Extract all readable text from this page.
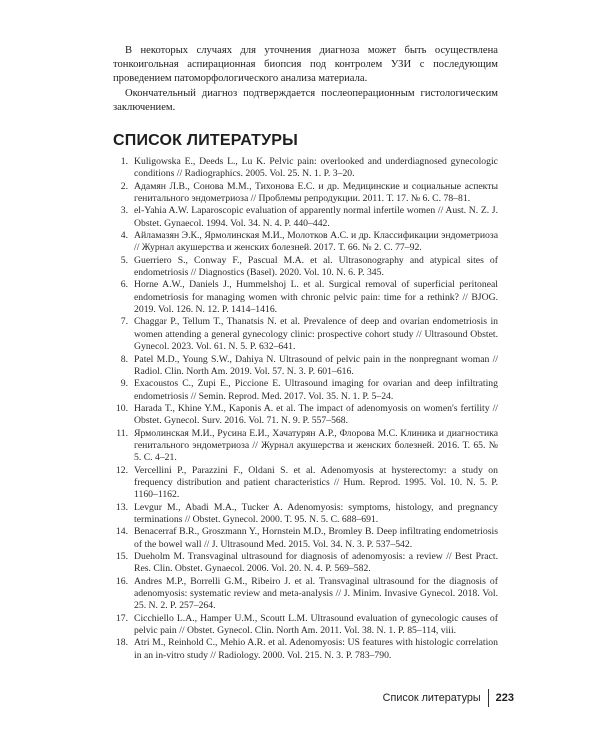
В некоторых случаях для уточнения диагноза может быть осуществлена тонкоигольная аспирационная биопсия под контролем УЗИ с последующим проведением патоморфологического анализа материала.

Окончательный диагноз подтверждается послеоперационным гистологическим заключением.

СПИСОК ЛИТЕРАТУРЫ
1. Kuligowska E., Deeds L., Lu K. Pelvic pain: overlooked and underdiagnosed gynecologic conditions // Radiographics. 2005. Vol. 25. N. 1. P. 3–20.
2. Адамян Л.В., Сонова М.М., Тихонова Е.С. и др. Медицинские и социальные аспекты генитального эндометриоза // Проблемы репродукции. 2011. Т. 17. № 6. С. 78–81.
3. el-Yahia A.W. Laparoscopic evaluation of apparently normal infertile women // Aust. N. Z. J. Obstet. Gynaecol. 1994. Vol. 34. N. 4. P. 440–442.
4. Айламазян Э.К., Ярмолинская М.И., Молотков А.С. и др. Классификации эндометриоза // Журнал акушерства и женских болезней. 2017. Т. 66. № 2. С. 77–92.
5. Guerriero S., Conway F., Pascual M.A. et al. Ultrasonography and atypical sites of endometriosis // Diagnostics (Basel). 2020. Vol. 10. N. 6. P. 345.
6. Horne A.W., Daniels J., Hummelshoj L. et al. Surgical removal of superficial peritoneal endometriosis for managing women with chronic pelvic pain: time for a rethink? // BJOG. 2019. Vol. 126. N. 12. P. 1414–1416.
7. Chaggar P., Tellum T., Thanatsis N. et al. Prevalence of deep and ovarian endometriosis in women attending a general gynecology clinic: prospective cohort study // Ultrasound Obstet. Gynecol. 2023. Vol. 61. N. 5. P. 632–641.
8. Patel M.D., Young S.W., Dahiya N. Ultrasound of pelvic pain in the nonpregnant woman // Radiol. Clin. North Am. 2019. Vol. 57. N. 3. P. 601–616.
9. Exacoustos C., Zupi E., Piccione E. Ultrasound imaging for ovarian and deep infiltrating endometriosis // Semin. Reprod. Med. 2017. Vol. 35. N. 1. P. 5–24.
10. Harada T., Khine Y.M., Kaponis A. et al. The impact of adenomyosis on women's fertility // Obstet. Gynecol. Surv. 2016. Vol. 71. N. 9. P. 557–568.
11. Ярмолинская М.И., Русина Е.И., Хачатурян А.Р., Флорова М.С. Клиника и диагностика генитального эндометриоза // Журнал акушерства и женских болезней. 2016. Т. 65. № 5. С. 4–21.
12. Vercellini P., Parazzini F., Oldani S. et al. Adenomyosis at hysterectomy: a study on frequency distribution and patient characteristics // Hum. Reprod. 1995. Vol. 10. N. 5. P. 1160–1162.
13. Levgur M., Abadi M.A., Tucker A. Adenomyosis: symptoms, histology, and pregnancy terminations // Obstet. Gynecol. 2000. T. 95. N. 5. C. 688–691.
14. Benacerraf B.R., Groszmann Y., Hornstein M.D., Bromley B. Deep infiltrating endometriosis of the bowel wall // J. Ultrasound Med. 2015. Vol. 34. N. 3. P. 537–542.
15. Dueholm M. Transvaginal ultrasound for diagnosis of adenomyosis: a review // Best Pract. Res. Clin. Obstet. Gynaecol. 2006. Vol. 20. N. 4. P. 569–582.
16. Andres M.P., Borrelli G.M., Ribeiro J. et al. Transvaginal ultrasound for the diagnosis of adenomyosis: systematic review and meta-analysis // J. Minim. Invasive Gynecol. 2018. Vol. 25. N. 2. P. 257–264.
17. Cicchiello L.A., Hamper U.M., Scoutt L.M. Ultrasound evaluation of gynecologic causes of pelvic pain // Obstet. Gynecol. Clin. North Am. 2011. Vol. 38. N. 1. P. 85–114, viii.
18. Atri M., Reinhold C., Mehio A.R. et al. Adenomyosis: US features with histologic correlation in an in-vitro study // Radiology. 2000. Vol. 215. N. 3. P. 783–790.
Список литературы 223
